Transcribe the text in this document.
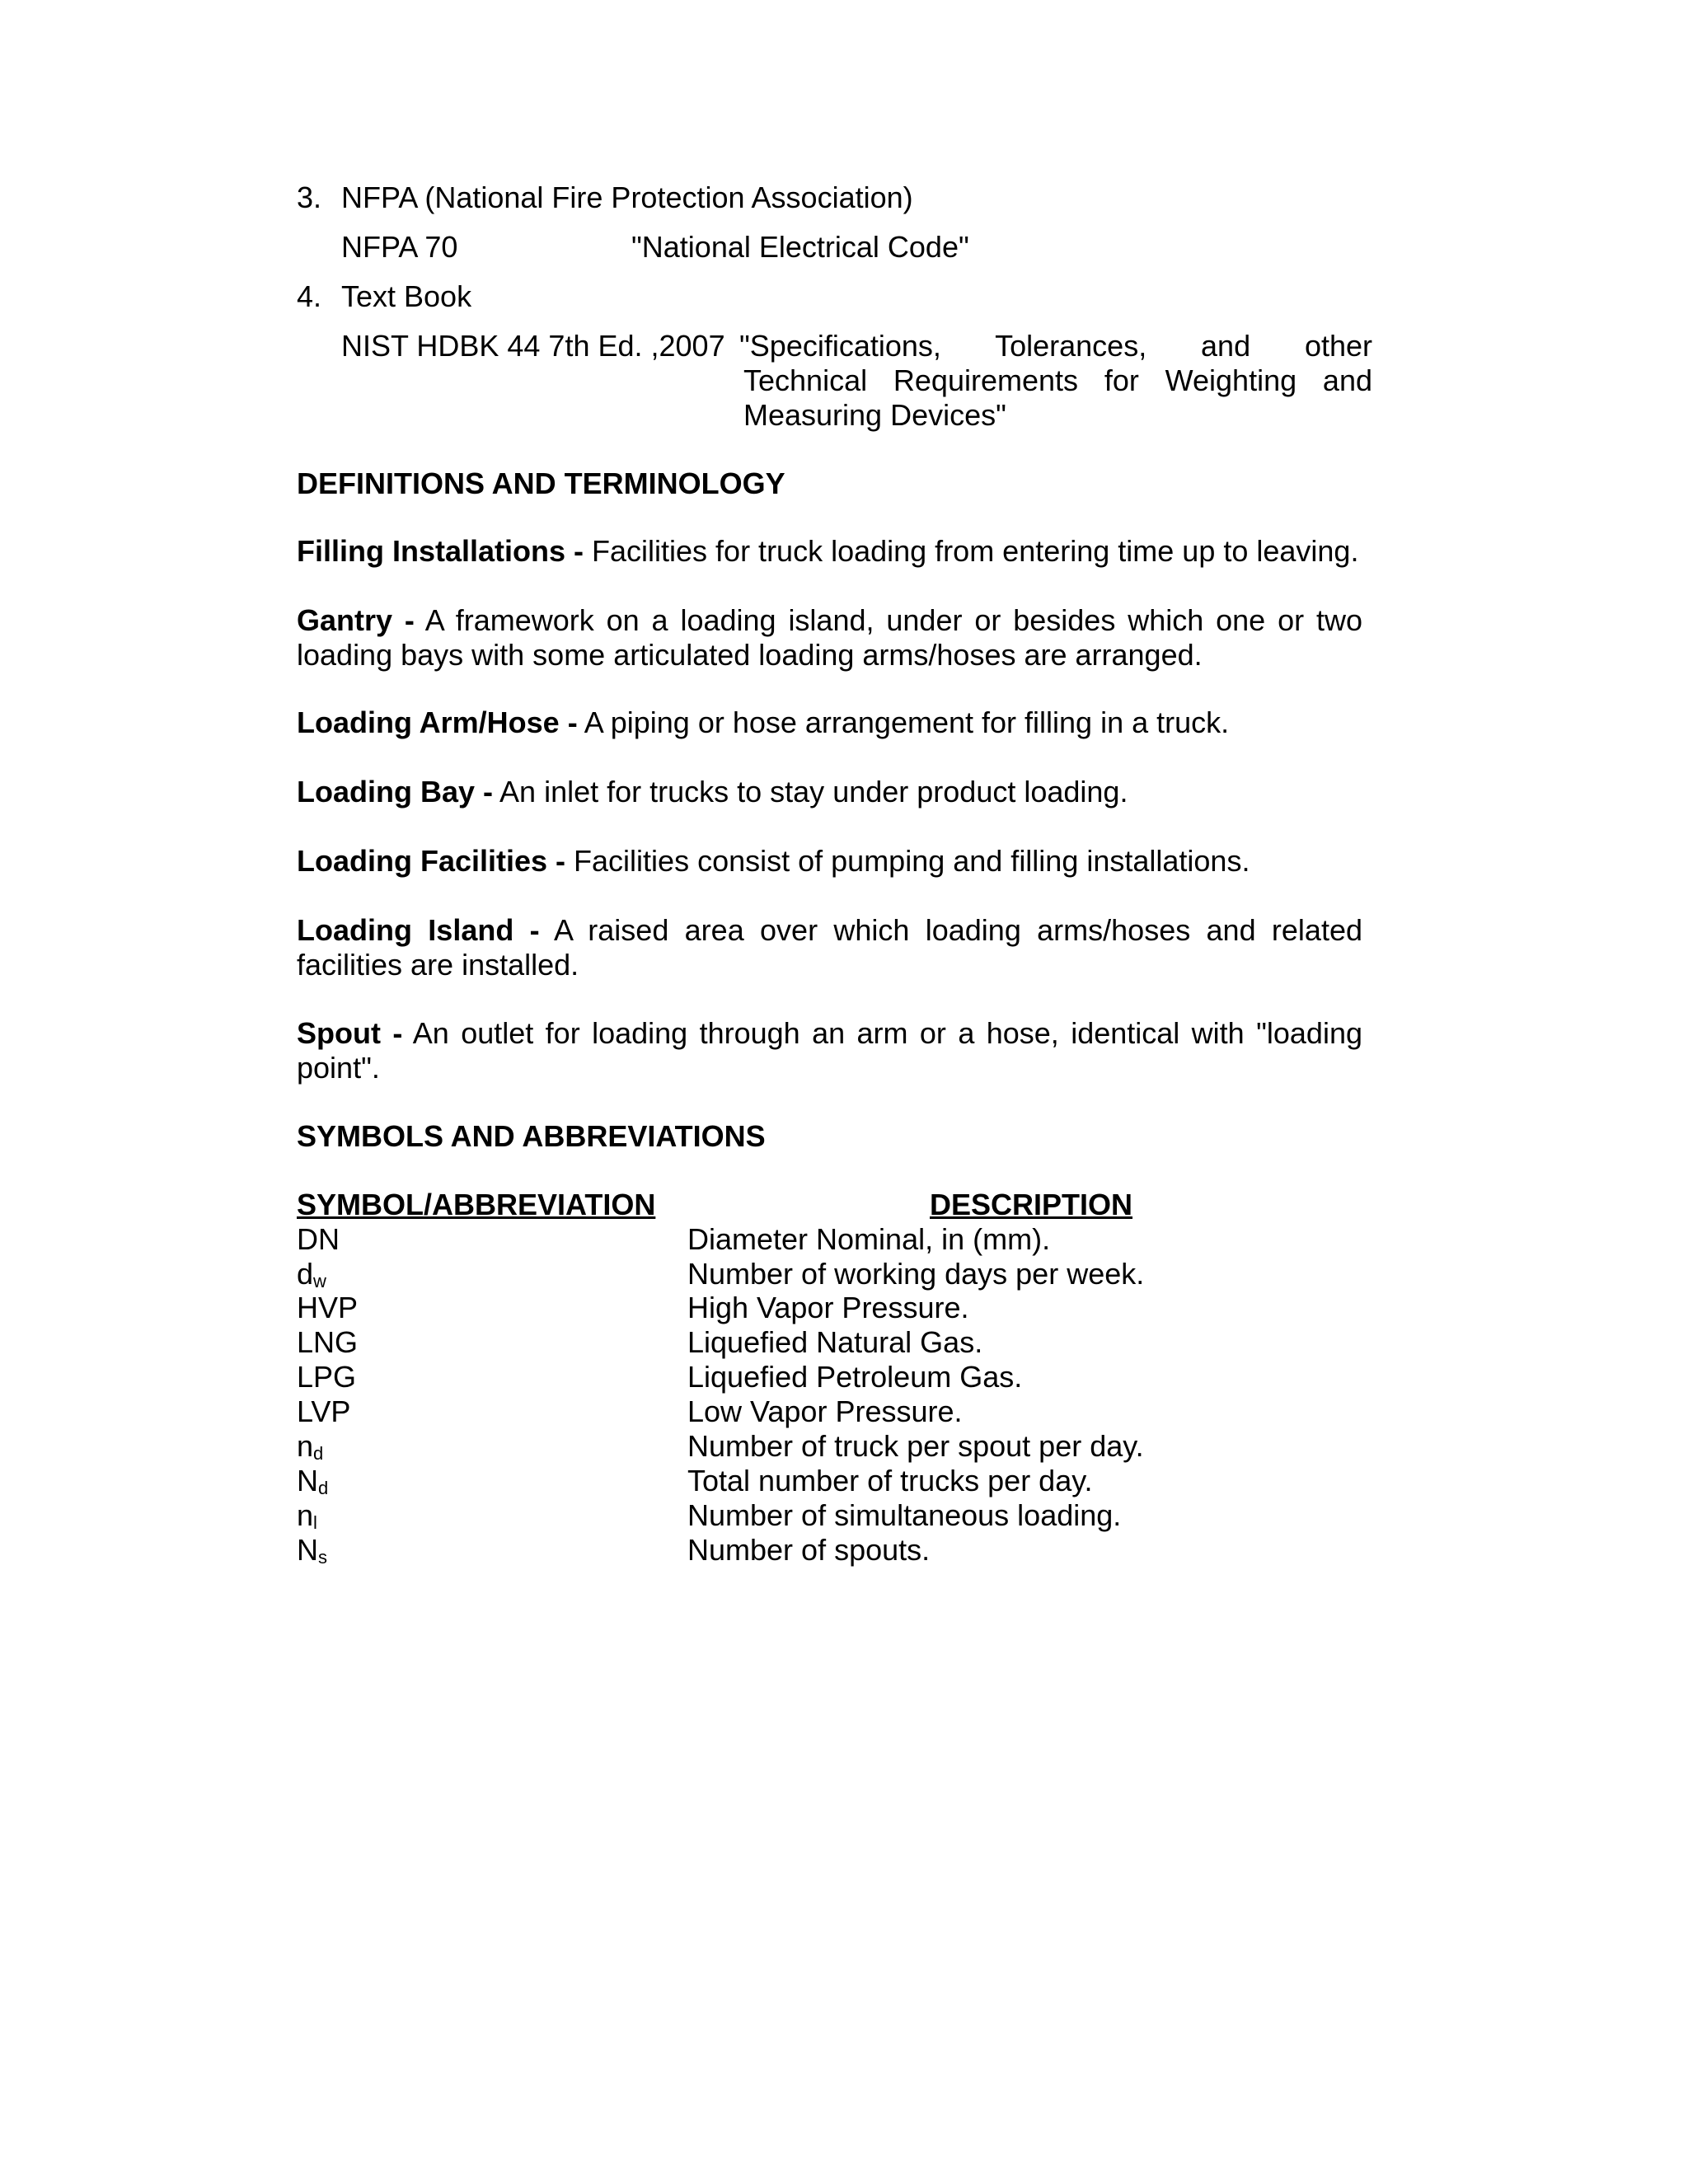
3. NFPA (National Fire Protection Association)
NFPA 70	"National Electrical Code"
4. Text Book
NIST HDBK 44 7th Ed. ,2007 "Specifications, Tolerances, and other
Technical Requirements for Weighting and
Measuring Devices"
DEFINITIONS AND TERMINOLOGY
Filling Installations - Facilities for truck loading from entering time up to leaving.
Gantry - A framework on a loading island, under or besides which one or two loading bays with some articulated loading arms/hoses are arranged.
Loading Arm/Hose - A piping or hose arrangement for filling in a truck.
Loading Bay - An inlet for trucks to stay under product loading.
Loading Facilities - Facilities consist of pumping and filling installations.
Loading Island - A raised area over which loading arms/hoses and related facilities are installed.
Spout - An outlet for loading through an arm or a hose, identical with "loading point".
SYMBOLS AND ABBREVIATIONS
SYMBOL/ABBREVIATION	DESCRIPTION
DN	Diameter Nominal, in (mm).
$d_w$	Number of working days per week.
HVP	High Vapor Pressure.
LNG	Liquefied Natural Gas.
LPG	Liquefied Petroleum Gas.
LVP	Low Vapor Pressure.
$n_d$	Number of truck per spout per day.
$N_d$	Total number of trucks per day.
$n_l$	Number of simultaneous loading.
$N_s$	Number of spouts.
